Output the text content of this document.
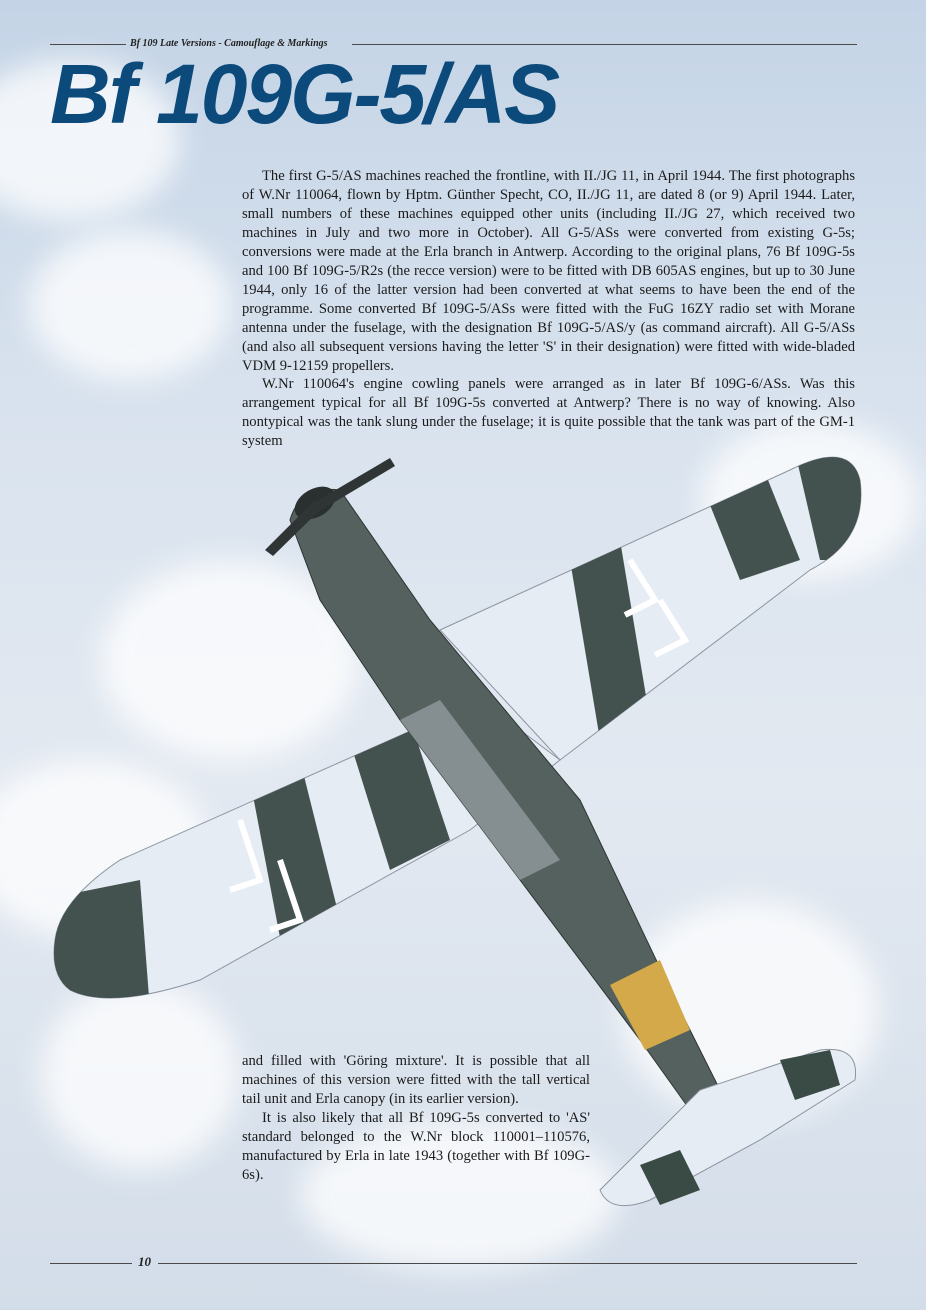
Bf 109 Late Versions - Camouflage & Markings
Bf 109G-5/AS

The first G-5/AS machines reached the frontline, with II./JG 11, in April 1944. The first photographs of W.Nr 110064, flown by Hptm. Günther Specht, CO, II./JG 11, are dated 8 (or 9) April 1944. Later, small numbers of these machines equipped other units (including II./JG 27, which received two machines in July and two more in October). All G-5/ASs were converted from existing G-5s; conversions were made at the Erla branch in Antwerp. According to the original plans, 76 Bf 109G-5s and 100 Bf 109G-5/R2s (the recce version) were to be fitted with DB 605AS engines, but up to 30 June 1944, only 16 of the latter version had been converted at what seems to have been the end of the programme. Some converted Bf 109G-5/ASs were fitted with the FuG 16ZY radio set with Morane antenna under the fuselage, with the designation Bf 109G-5/AS/y (as command aircraft). All G-5/ASs (and also all subsequent versions having the letter 'S' in their designation) were fitted with wide-bladed VDM 9-12159 propellers.

W.Nr 110064's engine cowling panels were arranged as in later Bf 109G-6/ASs. Was this arrangement typical for all Bf 109G-5s converted at Antwerp? There is no way of knowing. Also nontypical was the tank slung under the fuselage; it is quite possible that the tank was part of the GM-1 system

and filled with 'Göring mixture'. It is possible that all machines of this version were fitted with the tall vertical tail unit and Erla canopy (in its earlier version).

It is also likely that all Bf 109G-5s converted to 'AS' standard belonged to the W.Nr block 110001–110576, manufactured by Erla in late 1943 (together with Bf 109G-6s).

10
